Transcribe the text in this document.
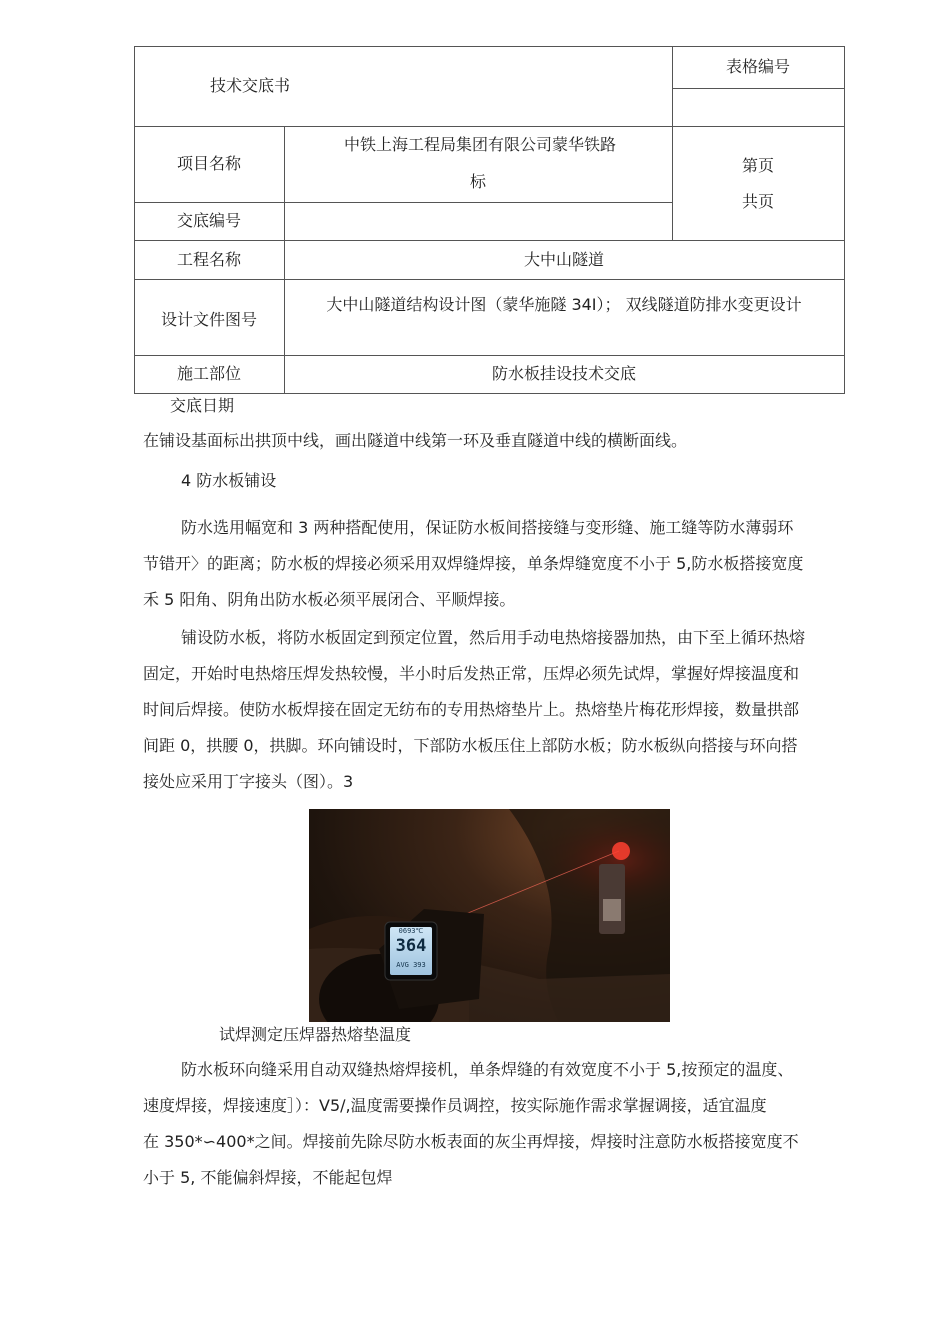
技术交底书
表格编号
项目名称
中铁上海工程局集团有限公司蒙华铁路
标
第页
共页
交底编号
工程名称	大中山隧道
设计文件图号
大中山隧道结构设计图（蒙华施隧 34I）； 双线隧道防排水变更设计
施工部位	防水板挂设技术交底
交底日期
在铺设基面标出拱顶中线，画出隧道中线第一环及垂直隧道中线的横断面线。
4 防水板铺设
防水选用幅宽和 3 两种搭配使用，保证防水板间搭接缝与变形缝、施工缝等防水薄弱环
节错开〉的距离；防水板的焊接必须采用双焊缝焊接，单条焊缝宽度不小于 5,防水板搭接宽度
禾 5 阳角、阴角出防水板必须平展闭合、平顺焊接。
铺设防水板，将防水板固定到预定位置，然后用手动电热熔接器加热，由下至上循环热熔
固定，开始时电热熔压焊发热较慢，半小时后发热正常，压焊必须先试焊，掌握好焊接温度和
时间后焊接。使防水板焊接在固定无纺布的专用热熔垫片上。热熔垫片梅花形焊接，数量拱部
间距 0，拱腰 0，拱脚。环向铺设时，下部防水板压住上部防水板；防水板纵向搭接与环向搭
接处应采用丁字接头（图）。3
0693℃
364
AVG 393
试焊测定压焊器热熔垫温度
防水板环向缝采用自动双缝热熔焊接机，单条焊缝的有效宽度不小于 5,按预定的温度、
速度焊接，焊接速度］）：V5∕,温度需要操作员调控，按实际施作需求掌握调接，适宜温度
在 350*∽400*之间。焊接前先除尽防水板表面的灰尘再焊接，焊接时注意防水板搭接宽度不
小于 5, 不能偏斜焊接，不能起包焊
